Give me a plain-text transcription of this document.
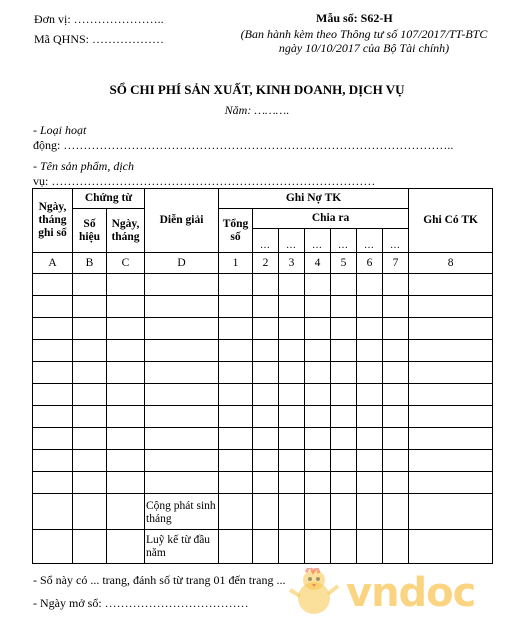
Đơn vị: …………………..
Mã QHNS: ………………
Mẫu số: S62-H
(Ban hành kèm theo Thông tư số 107/2017/TT-BTC
ngày 10/10/2017 của Bộ Tài chính)
SỔ CHI PHÍ SẢN XUẤT, KINH DOANH, DỊCH VỤ
Năm: ……….
- Loại hoạt
động: ……………………………………………………………………………………..
- Tên sản phẩm, dịch
vụ: ………………………………………………………………………
Ngày, tháng ghi sổ	Chứng từ		Diễn giải	Ghi Nợ TK							Ghi Có TK
	Số hiệu	Ngày, tháng		Tổng số	Chia ra						
					…	…	…	…	…	…	
A	B	C	D	1	2	3	4	5	6	7	8

			Cộng phát sinh tháng								
			Luỹ kế từ đầu năm								
- Sổ này có ... trang, đánh số từ trang 01 đến trang ...
- Ngày mở sổ: ……………………………… vndoc
